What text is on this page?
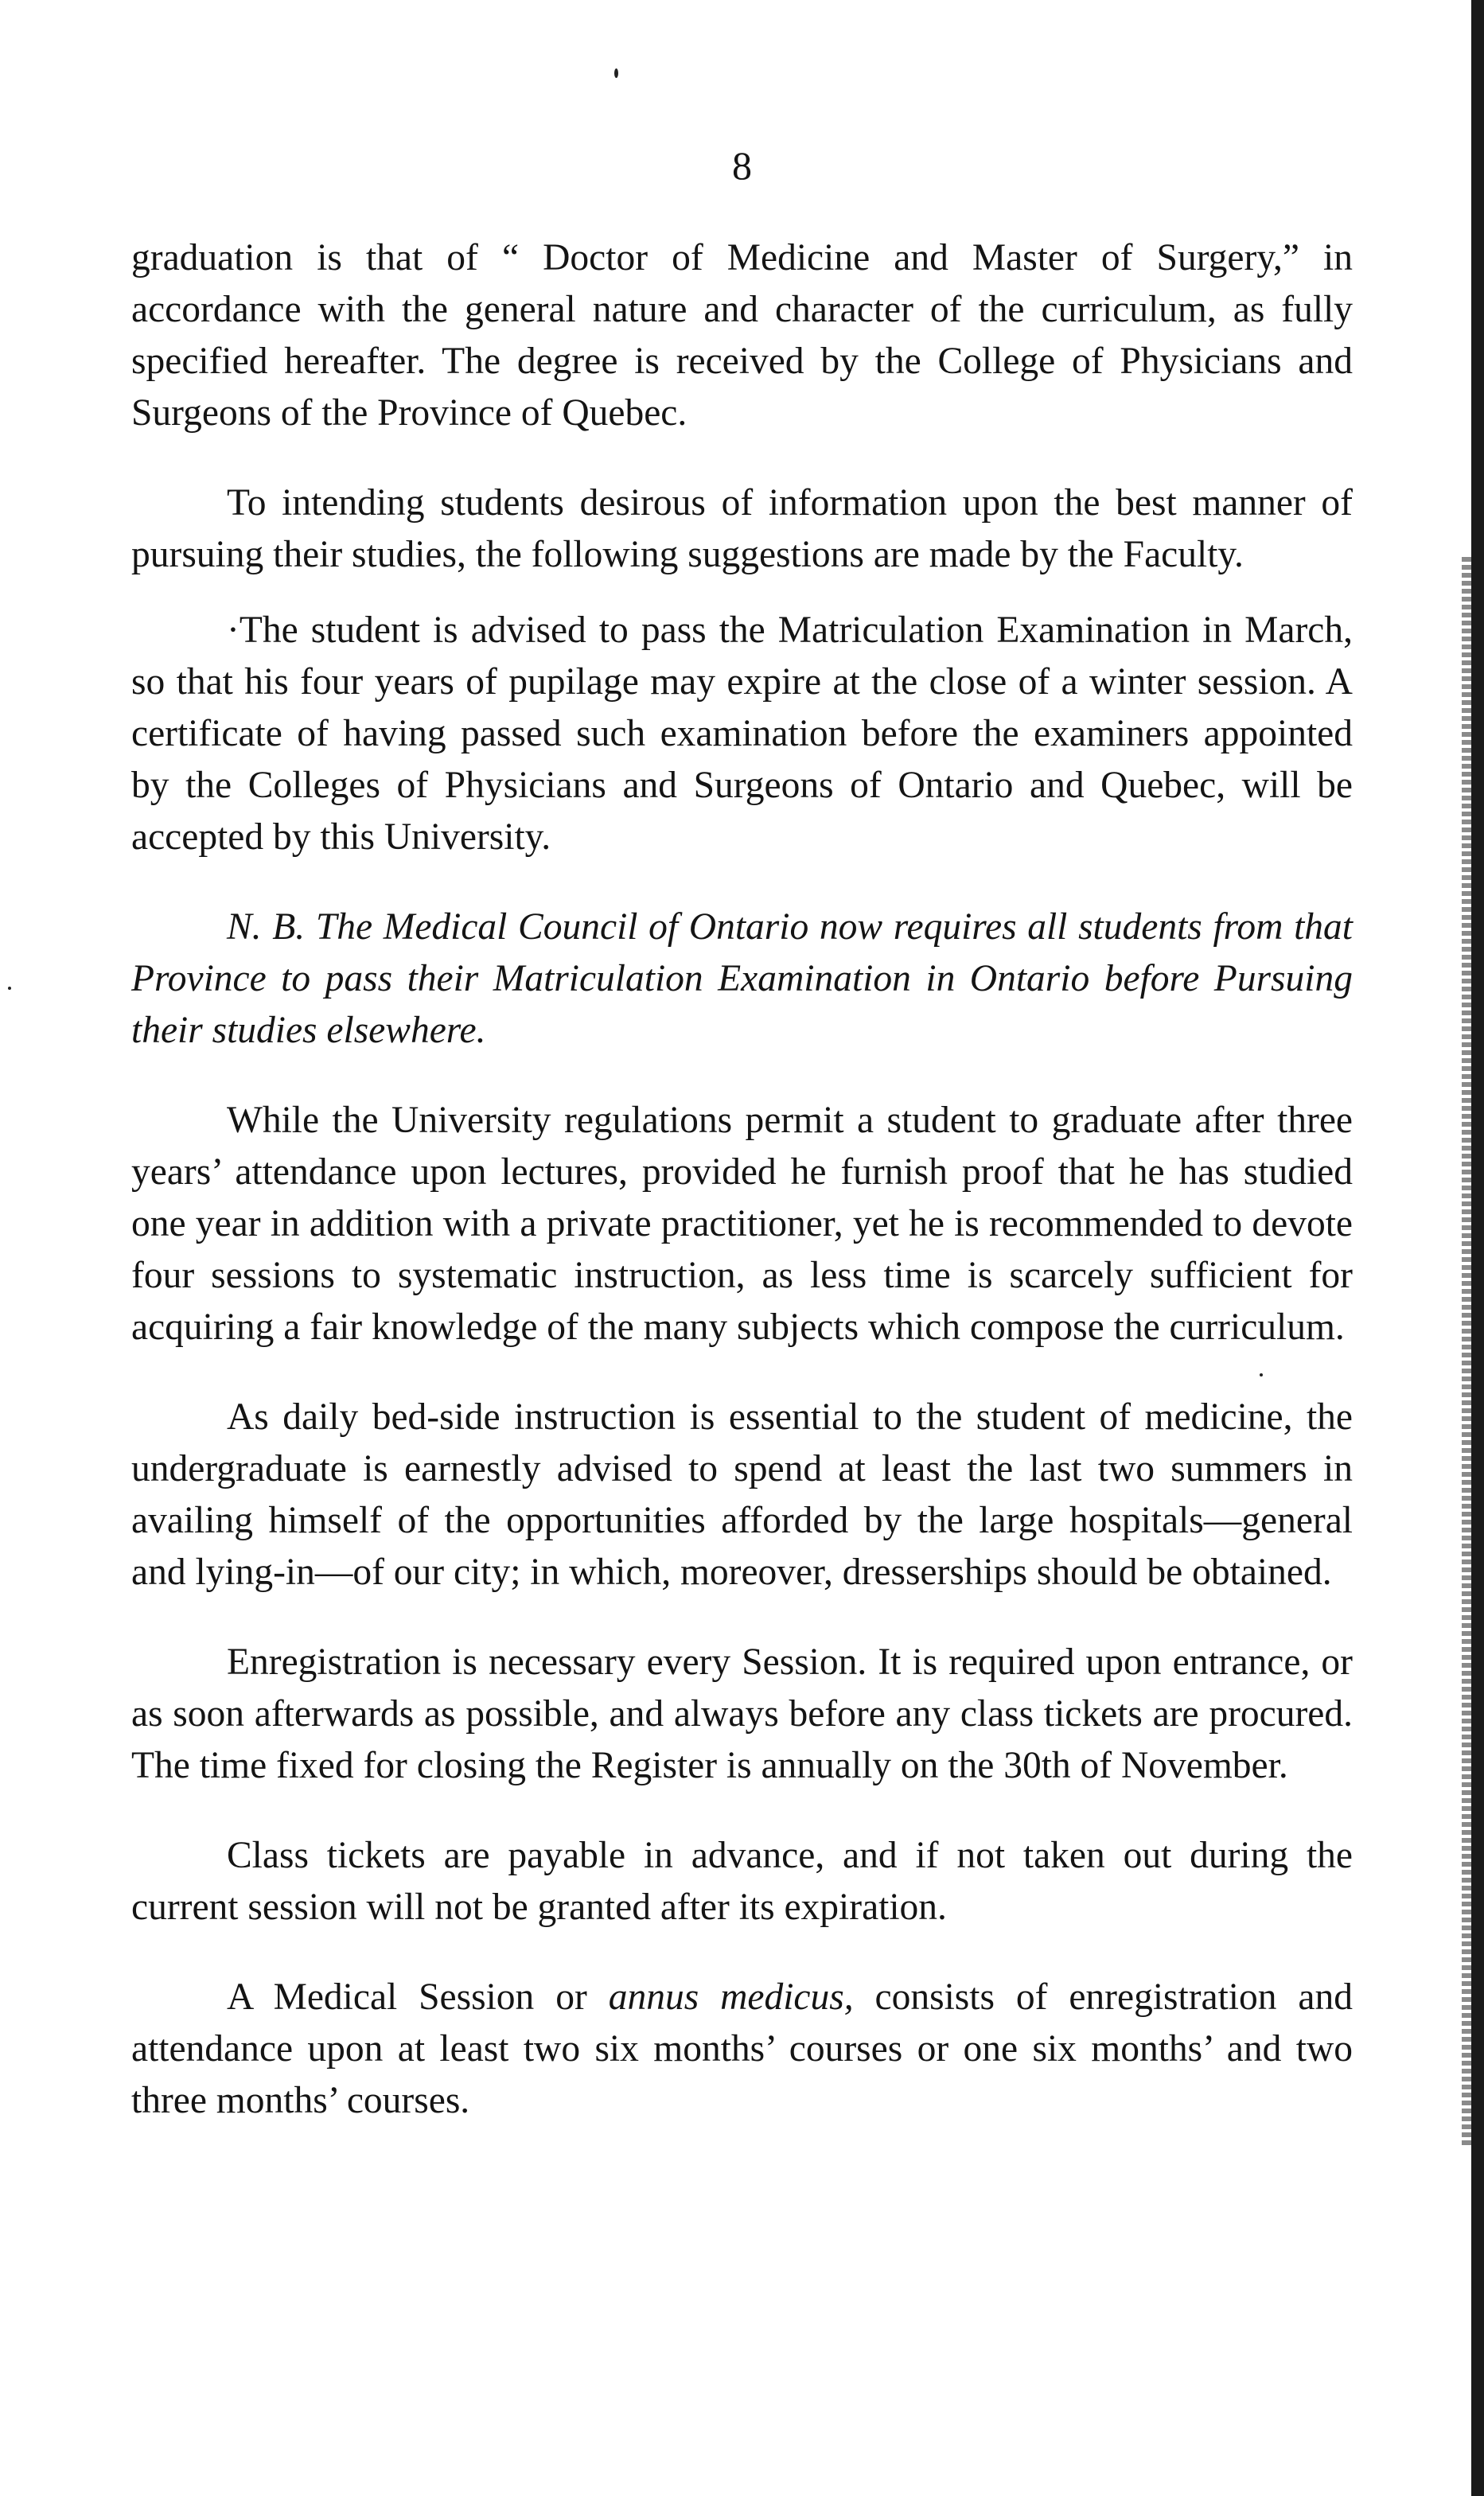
8

graduation is that of “ Doctor of Medicine and Master of Surgery,” in accordance with the general nature and character of the curriculum, as fully specified hereafter. The degree is received by the College of Physicians and Surgeons of the Province of Quebec.

To intending students desirous of information upon the best manner of pursuing their studies, the following suggestions are made by the Faculty.

·The student is advised to pass the Matriculation Examination in March, so that his four years of pupilage may expire at the close of a winter session. A certificate of having passed such examination before the examiners appointed by the Colleges of Physicians and Surgeons of Ontario and Quebec, will be accepted by this University.

N. B. The Medical Council of Ontario now requires all students from that Province to pass their Matriculation Examination in Ontario before Pursuing their studies elsewhere.

While the University regulations permit a student to graduate after three years’ attendance upon lectures, provided he furnish proof that he has studied one year in addition with a private practitioner, yet he is recommended to devote four sessions to systematic instruction, as less time is scarcely sufficient for acquiring a fair knowledge of the many subjects which compose the curriculum.

As daily bed-side instruction is essential to the student of medicine, the undergraduate is earnestly advised to spend at least the last two summers in availing himself of the opportunities afforded by the large hospitals—general and lying-in—of our city; in which, moreover, dresserships should be obtained.

Enregistration is necessary every Session. It is required upon entrance, or as soon afterwards as possible, and always before any class tickets are procured. The time fixed for closing the Register is annually on the 30th of November.

Class tickets are payable in advance, and if not taken out during the current session will not be granted after its expiration.

A Medical Session or annus medicus, consists of enregistration and attendance upon at least two six months’ courses or one six months’ and two three months’ courses.
